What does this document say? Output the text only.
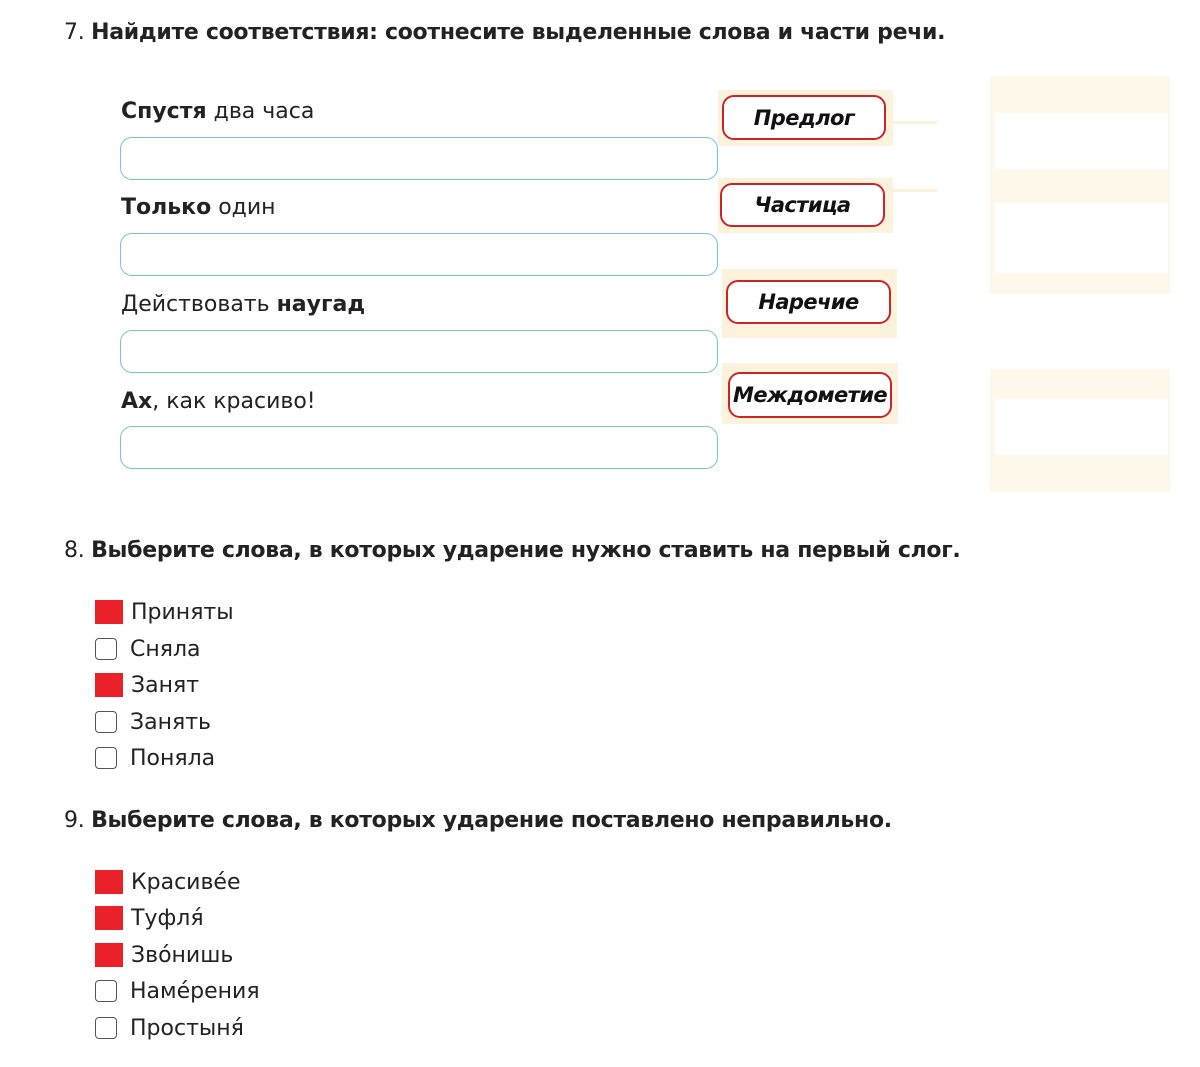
7. Найдите соответствия: соотнесите выделенные слова и части речи.
Спустя два часа
Только один
Действовать наугад
Ах, как красиво!
Предлог
Частица
Наречие
Междометие
8. Выберите слова, в которых ударение нужно ставить на первый слог.
Приняты
Сняла
Занят
Занять
Поняла
9. Выберите слова, в которых ударение поставлено неправильно.
Красиве́е
Туфля́
Зво́нишь
Наме́рения
Простыня́
